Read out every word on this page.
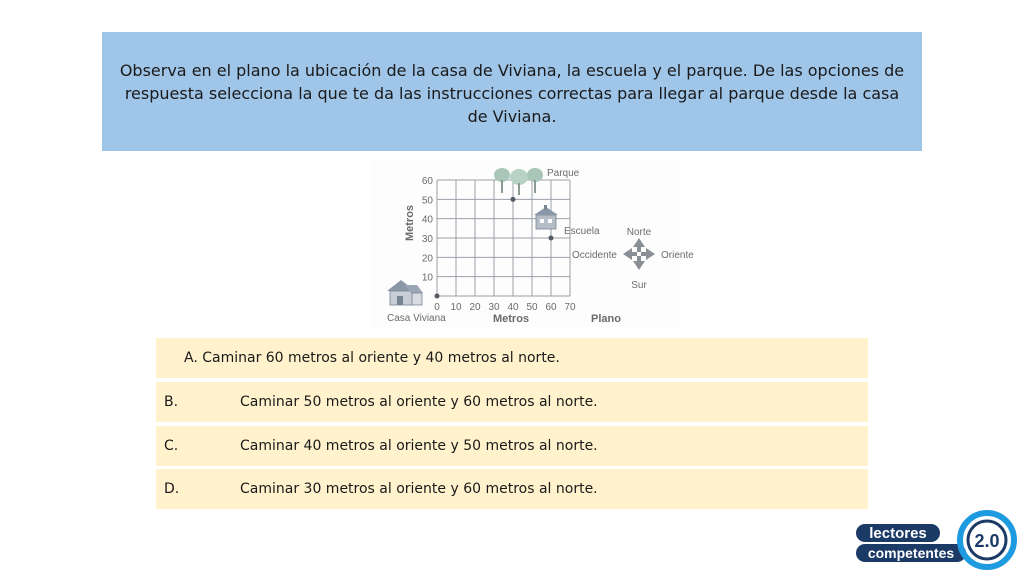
Observa en el plano la ubicación de la casa de Viviana, la escuela y el parque. De las opciones de respuesta selecciona la que te da las instrucciones correctas para llegar al parque desde la casa de Viviana.
60
50
40
30
20
10
0 10 20 30 40 50 60 70
Metros
Metros	Plano
Casa Viviana
Parque
Escuela	Norte
Sur
Occidente	Oriente
A. Caminar 60 metros al oriente y 40 metros al norte.
B.	Caminar 50 metros al oriente y 60 metros al norte.
C.	Caminar 40 metros al oriente y 50 metros al norte.
D.	Caminar 30 metros al oriente y 60 metros al norte.
lectores
competentes
2.0
